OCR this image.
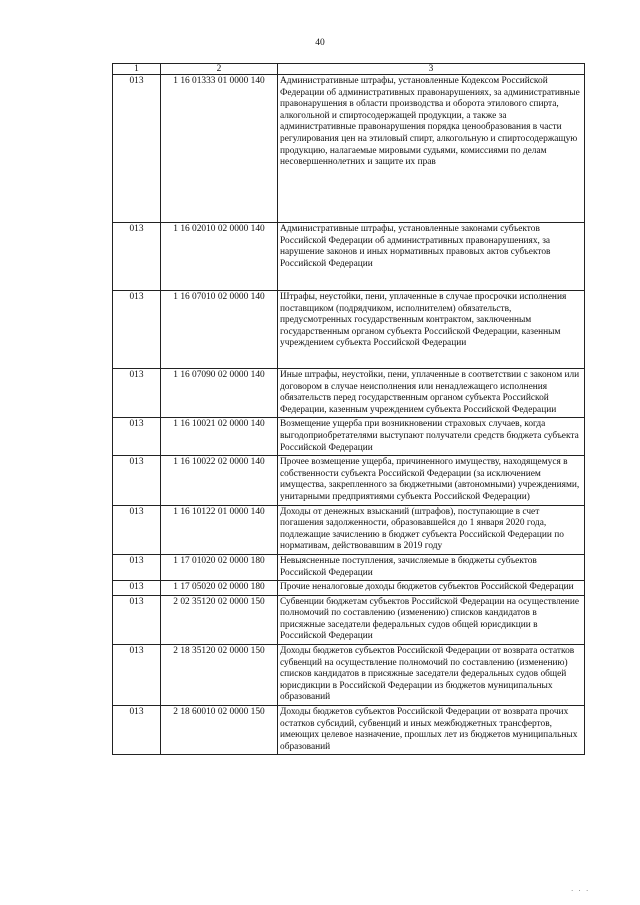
40
1	2	3
013	1 16 01333 01 0000 140	Административные штрафы, установленные Кодексом Российской Федерации об административных правонарушениях, за административные правонарушения в области производства и оборота этилового спирта, алкогольной и спиртосодержащей продукции, а также за административные правонарушения порядка ценообразования в части регулирования цен на этиловый спирт, алкогольную и спиртосодержащую продукцию, налагаемые мировыми судьями, комиссиями по делам несовершеннолетних и защите их прав
013	1 16 02010 02 0000 140	Административные штрафы, установленные законами субъектов Российской Федерации об административных правонарушениях, за нарушение законов и иных нормативных правовых актов субъектов Российской Федерации
013	1 16 07010 02 0000 140	Штрафы, неустойки, пени, уплаченные в случае просрочки исполнения поставщиком (подрядчиком, исполнителем) обязательств, предусмотренных государственным контрактом, заключенным государственным органом субъекта Российской Федерации, казенным учреждением субъекта Российской Федерации
013	1 16 07090 02 0000 140	Иные штрафы, неустойки, пени, уплаченные в соответствии с законом или договором в случае неисполнения или ненадлежащего исполнения обязательств перед государственным органом субъекта Российской Федерации, казенным учреждением субъекта Российской Федерации
013	1 16 10021 02 0000 140	Возмещение ущерба при возникновении страховых случаев, когда выгодоприобретателями выступают получатели средств бюджета субъекта Российской Федерации
013	1 16 10022 02 0000 140	Прочее возмещение ущерба, причиненного имуществу, находящемуся в собственности субъекта Российской Федерации (за исключением имущества, закрепленного за бюджетными (автономными) учреждениями, унитарными предприятиями субъекта Российской Федерации)
013	1 16 10122 01 0000 140	Доходы от денежных взысканий (штрафов), поступающие в счет погашения задолженности, образовавшейся до 1 января 2020 года, подлежащие зачислению в бюджет субъекта Российской Федерации по нормативам, действовавшим в 2019 году
013	1 17 01020 02 0000 180	Невыясненные поступления, зачисляемые в бюджеты субъектов Российской Федерации
013	1 17 05020 02 0000 180	Прочие неналоговые доходы бюджетов субъектов Российской Федерации
013	2 02 35120 02 0000 150	Субвенции бюджетам субъектов Российской Федерации на осуществление полномочий по составлению (изменению) списков кандидатов в присяжные заседатели федеральных судов общей юрисдикции в Российской Федерации
013	2 18 35120 02 0000 150	Доходы бюджетов субъектов Российской Федерации от возврата остатков субвенций на осуществление полномочий по составлению (изменению) списков кандидатов в присяжные заседатели федеральных судов общей юрисдикции в Российской Федерации из бюджетов муниципальных образований
013	2 18 60010 02 0000 150	Доходы бюджетов субъектов Российской Федерации от возврата прочих остатков субсидий, субвенций и иных межбюджетных трансфертов, имеющих целевое назначение, прошлых лет из бюджетов муниципальных образований
. . .
